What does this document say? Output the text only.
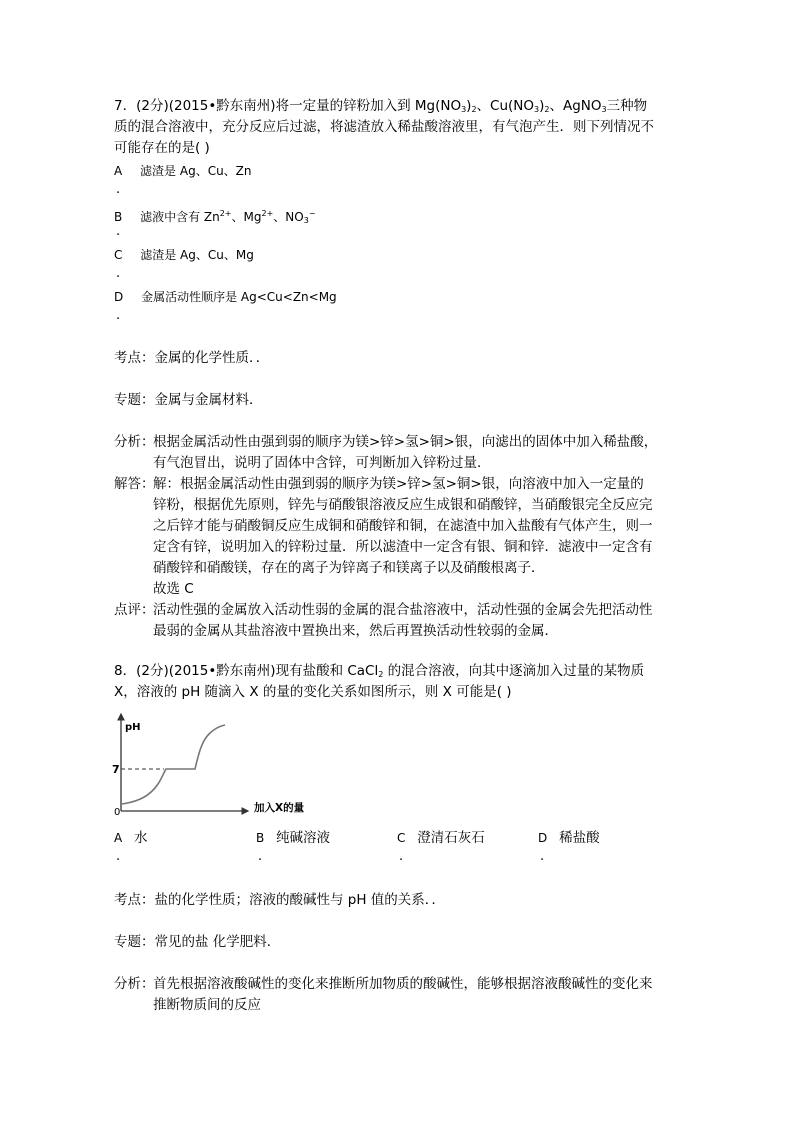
7．(2分)(2015•黔东南州)将一定量的锌粉加入到 $Mg(NO_3)_2$、$Cu(NO_3)_2$、AgNO$_3$三种物
质的混合溶液中，充分反应后过滤，将滤渣放入稀盐酸溶液里，有气泡产生．则下列情况不
可能存在的是( )
A 滤渣是 Ag、Cu、Zn
.
B 滤液中含有 $Zn^{2+}$、$Mg^{2+}$、$NO_3^-$
.
C 滤渣是 Ag、Cu、Mg
.
D 金属活动性顺序是 Ag<Cu<Zn<Mg
.
考点：金属的化学性质．．
专题：金属与金属材料．
分析：
根据金属活动性由强到弱的顺序为镁>锌>氢>铜>银，向滤出的固体中加入稀盐酸，
有气泡冒出，说明了固体中含锌，可判断加入锌粉过量．
解答：
解：根据金属活动性由强到弱的顺序为镁>锌>氢>铜>银，向溶液中加入一定量的
锌粉，根据优先原则，锌先与硝酸银溶液反应生成银和硝酸锌，当硝酸银完全反应完
之后锌才能与硝酸铜反应生成铜和硝酸锌和铜，在滤渣中加入盐酸有气体产生，则一
定含有锌，说明加入的锌粉过量．所以滤渣中一定含有银、铜和锌．滤液中一定含有
硝酸锌和硝酸镁，存在的离子为锌离子和镁离子以及硝酸根离子．
故选 C
点评：
活动性强的金属放入活动性弱的金属的混合盐溶液中，活动性强的金属会先把活动性
最弱的金属从其盐溶液中置换出来，然后再置换活动性较弱的金属．
8．(2分)(2015•黔东南州)现有盐酸和 CaCl$_2$ 的混合溶液，向其中逐滴加入过量的某物质
X，溶液的 pH 随滴入 X 的量的变化关系如图所示，则 X 可能是( )
pH
7
0	加入X的量
A 水
.
B 纯碱溶液
.
C 澄清石灰石
.
D 稀盐酸
.
考点：盐的化学性质；溶液的酸碱性与 pH 值的关系．．
专题：常见的盐 化学肥料．
分析：
首先根据溶液酸碱性的变化来推断所加物质的酸碱性，能够根据溶液酸碱性的变化来
推断物质间的反应
